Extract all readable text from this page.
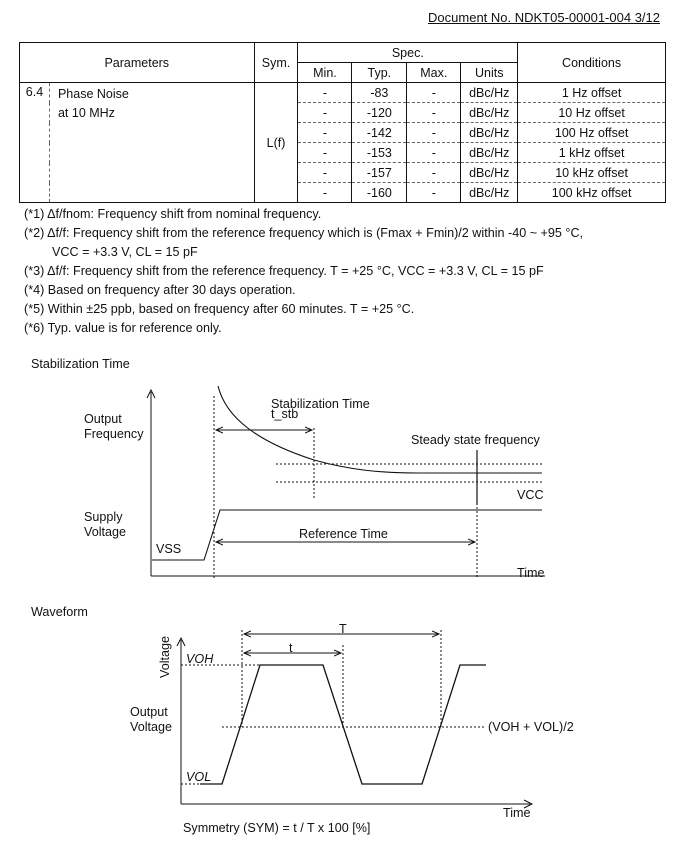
Document No. NDKT05-00001-004 3/12
Parameters		Sym.	Spec.				Conditions
			Min.	Typ.	Max.	Units	
6.4	Phase Noise
at 10 MHz	L(f)	-	-83	-	dBc/Hz	1 Hz offset
			-	-120	-	dBc/Hz	10 Hz offset
			-	-142	-	dBc/Hz	100 Hz offset
			-	-153	-	dBc/Hz	1 kHz offset
			-	-157	-	dBc/Hz	10 kHz offset
			-	-160	-	dBc/Hz	100 kHz offset
(*1) Δf/fnom: Frequency shift from nominal frequency.
(*2) Δf/f: Frequency shift from the reference frequency which is (Fmax + Fmin)/2 within -40 ~ +95 °C,
VCC = +3.3 V, CL = 15 pF
(*3) Δf/f: Frequency shift from the reference frequency. T = +25 °C, VCC = +3.3 V, CL = 15 pF
(*4) Based on frequency after 30 days operation.
(*5) Within ±25 ppb, based on frequency after 60 minutes. T = +25 °C.
(*6) Typ. value is for reference only.
Stabilization Time
Output
Frequency
Stabilization Time
t_stb
Steady state frequency
Supply
Voltage
VSS
VCC
Reference Time
Time
Waveform
Voltage VOH
VOL
t
T
Output
Voltage	(VOH + VOL)/2
Time
Symmetry (SYM) = t / T x 100 [%]
